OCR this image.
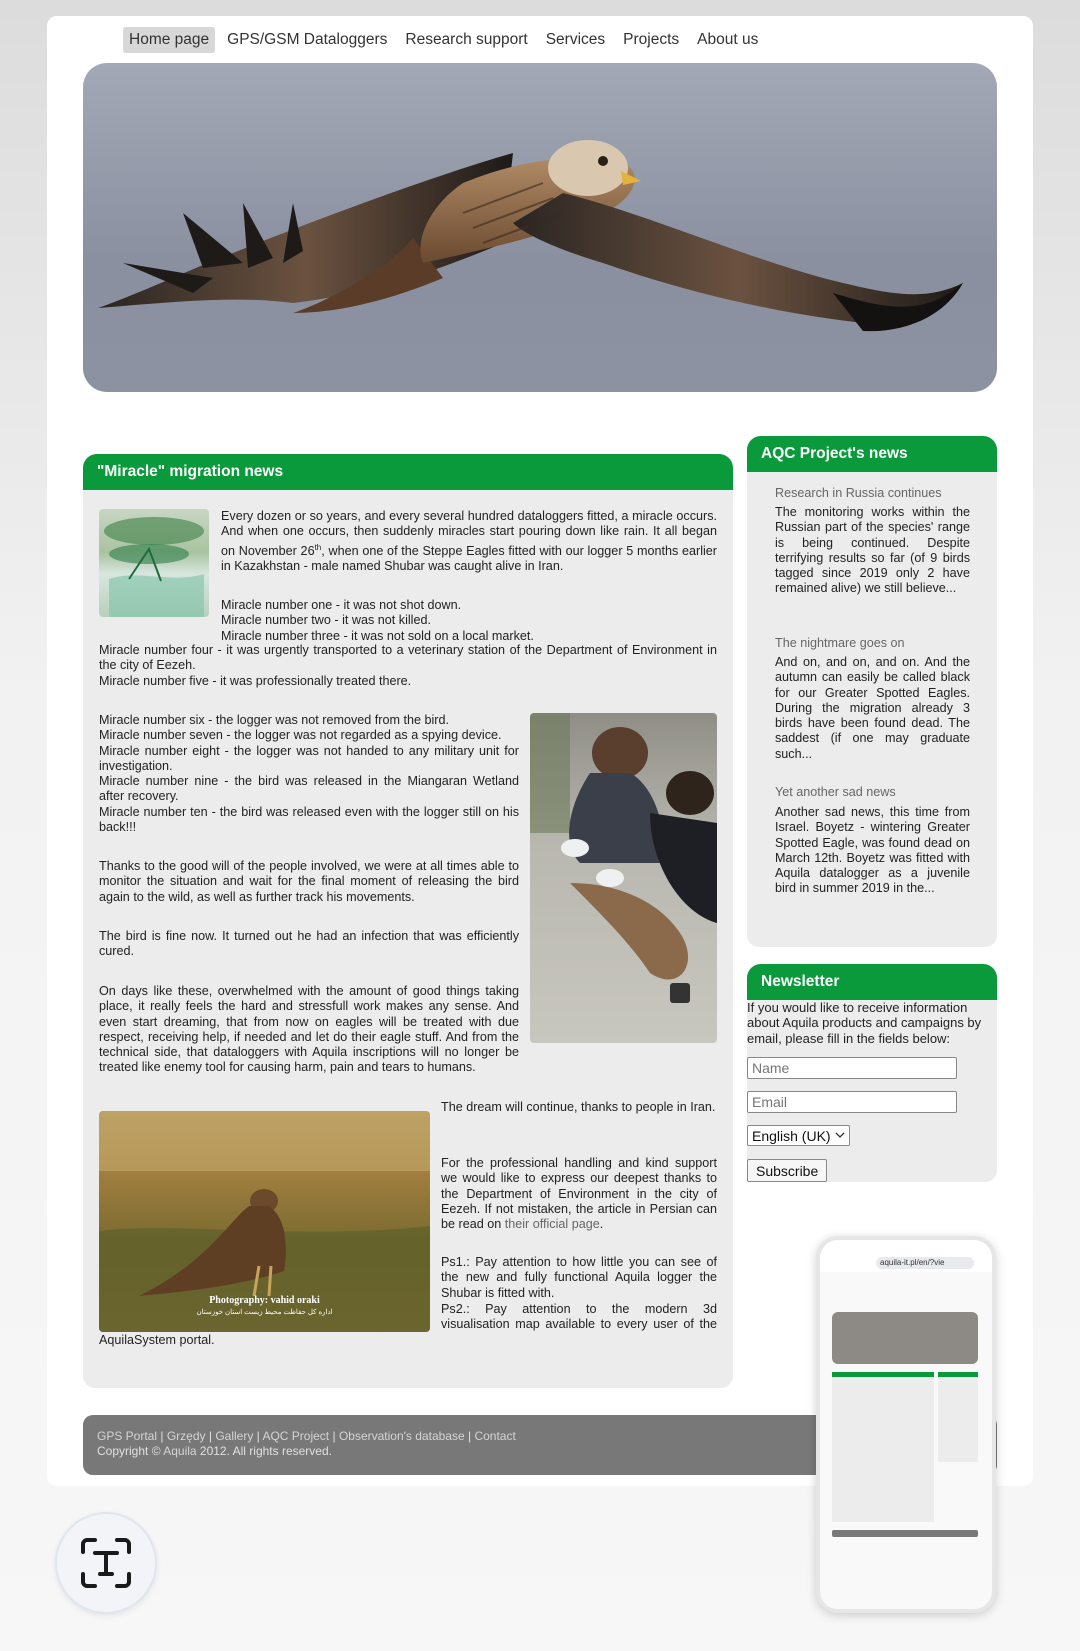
Home page	GPS/GSM Dataloggers	Research support	Services	Projects	About us
"Miracle" migration news
Every dozen or so years, and every several hundred dataloggers fitted, a miracle occurs. And when one occurs, then suddenly miracles start pouring down like rain. It all began on November 26th, when one of the Steppe Eagles fitted with our logger 5 months earlier in Kazakhstan - male named Shubar was caught alive in Iran.
Miracle number one - it was not shot down.
Miracle number two - it was not killed.
Miracle number three - it was not sold on a local market.
Miracle number four - it was urgently transported to a veterinary station of the Department of Environment in the city of Eezeh.
Miracle number five - it was professionally treated there.
Miracle number six - the logger was not removed from the bird.
Miracle number seven - the logger was not regarded as a spying device.
Miracle number eight - the logger was not handed to any military unit for investigation.
Miracle number nine - the bird was released in the Miangaran Wetland after recovery.
Miracle number ten - the bird was released even with the logger still on his back!!!
Thanks to the good will of the people involved, we were at all times able to monitor the situation and wait for the final moment of releasing the bird again to the wild, as well as further track his movements.
The bird is fine now. It turned out he had an infection that was efficiently cured.
On days like these, overwhelmed with the amount of good things taking place, it really feels the hard and stressfull work makes any sense. And even start dreaming, that from now on eagles will be treated with due respect, receiving help, if needed and let do their eagle stuff. And from the technical side, that dataloggers with Aquila inscriptions will no longer be treated like enemy tool for causing harm, pain and tears to humans.
Photography: vahid oraki
اداره کل حفاظت محیط زیست استان خوزستان
The dream will continue, thanks to people in Iran.
For the professional handling and kind support we would like to express our deepest thanks to the Department of Environment in the city of Eezeh. If not mistaken, the article in Persian can be read on their official page.
Ps1.: Pay attention to how little you can see of the new and fully functional Aquila logger the Shubar is fitted with.
Ps2.: Pay attention to the modern 3d visualisation map available to every user of the AquilaSystem portal.
AQC Project's news
Research in Russia continues
The monitoring works within the Russian part of the species' range is being continued. Despite terrifying results so far (of 9 birds tagged since 2019 only 2 have remained alive) we still believe...
The nightmare goes on
And on, and on, and on. And the autumn can easily be called black for our Greater Spotted Eagles. During the migration already 3 birds have been found dead. The saddest (if one may graduate such...
Yet another sad news
Another sad news, this time from Israel. Boyetz - wintering Greater Spotted Eagle, was found dead on March 12th. Boyetz was fitted with Aquila datalogger as a juvenile bird in summer 2019 in the...
Newsletter
If you would like to receive information about Aquila products and campaigns by email, please fill in the fields below:
Name
Email
English (UK)
Subscribe
GPS Portal | Grzędy | Gallery | AQC Project | Observation's database | Contact
Copyright © Aquila 2012. All rights reserved.
aquila-it.pl/en/?vie
